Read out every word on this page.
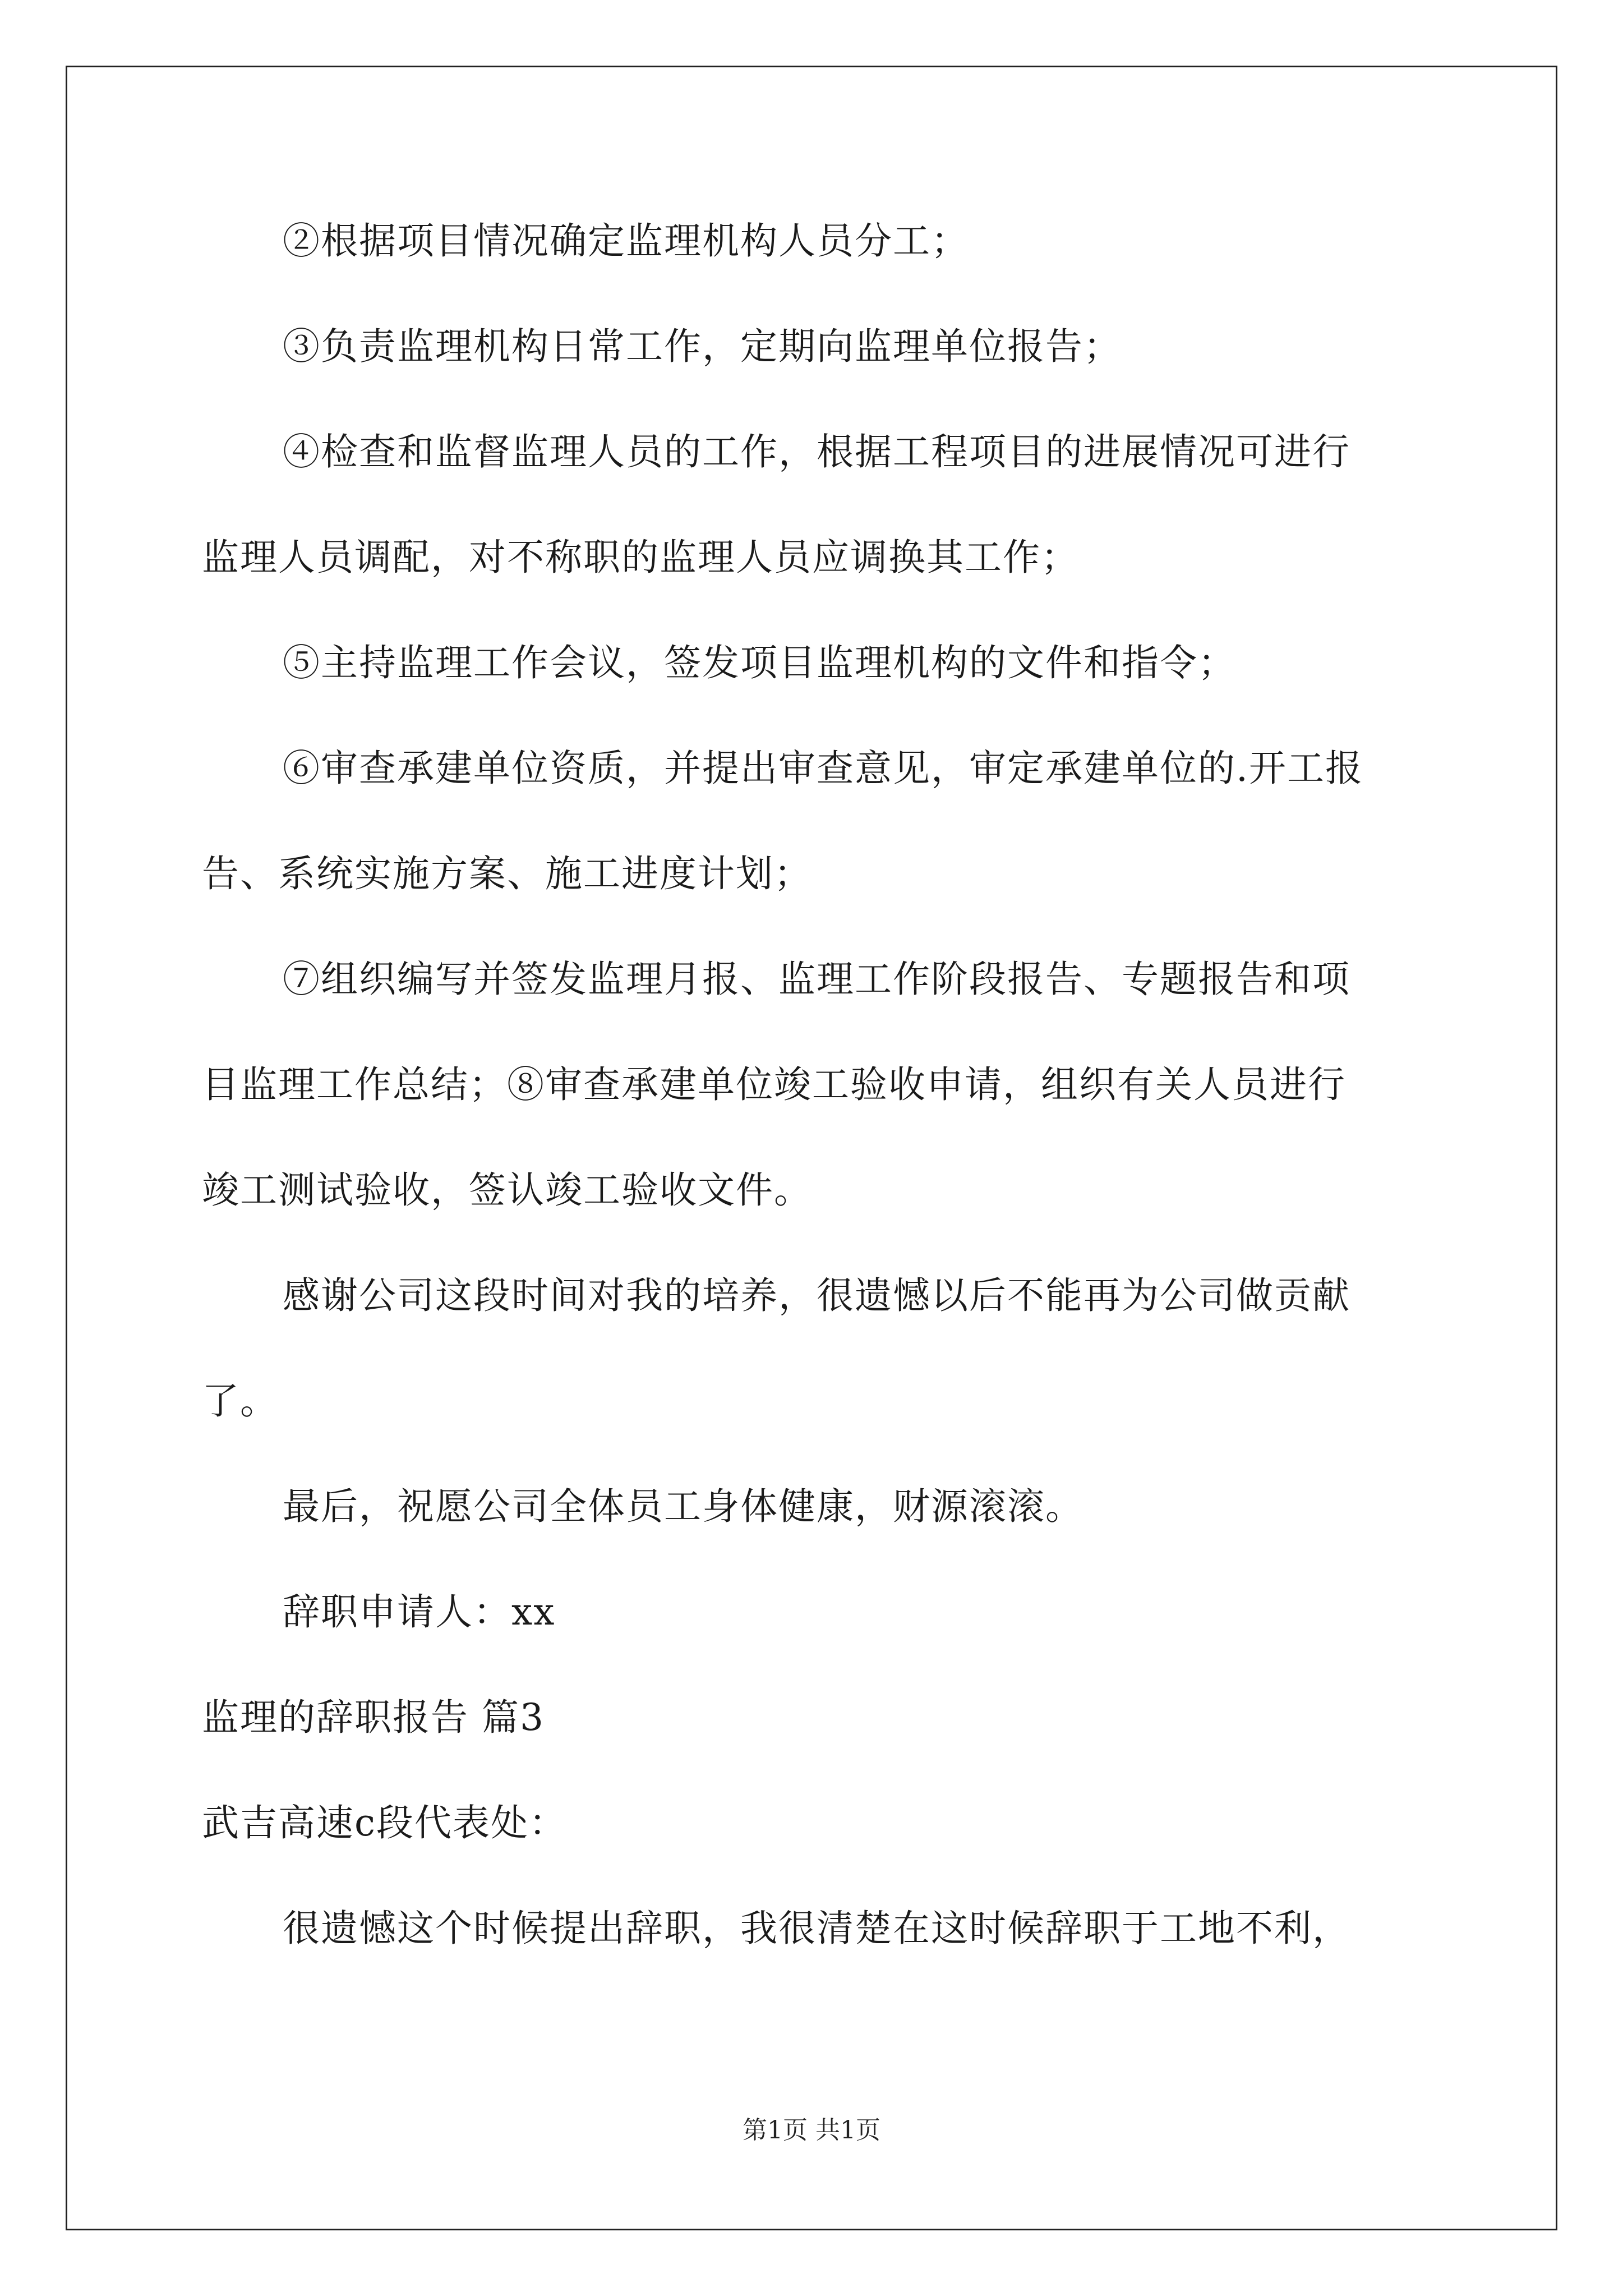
②根据项目情况确定监理机构人员分工；
③负责监理机构日常工作，定期向监理单位报告；
④检查和监督监理人员的工作，根据工程项目的进展情况可进行
监理人员调配，对不称职的监理人员应调换其工作；
⑤主持监理工作会议，签发项目监理机构的文件和指令；
⑥审查承建单位资质，并提出审查意见，审定承建单位的.开工报
告、系统实施方案、施工进度计划；
⑦组织编写并签发监理月报、监理工作阶段报告、专题报告和项
目监理工作总结；⑧审查承建单位竣工验收申请，组织有关人员进行
竣工测试验收，签认竣工验收文件。
感谢公司这段时间对我的培养，很遗憾以后不能再为公司做贡献
了。
最后，祝愿公司全体员工身体健康，财源滚滚。
辞职申请人：xx
监理的辞职报告 篇3
武吉高速c段代表处：
很遗憾这个时候提出辞职，我很清楚在这时候辞职于工地不利，
第1页 共1页
